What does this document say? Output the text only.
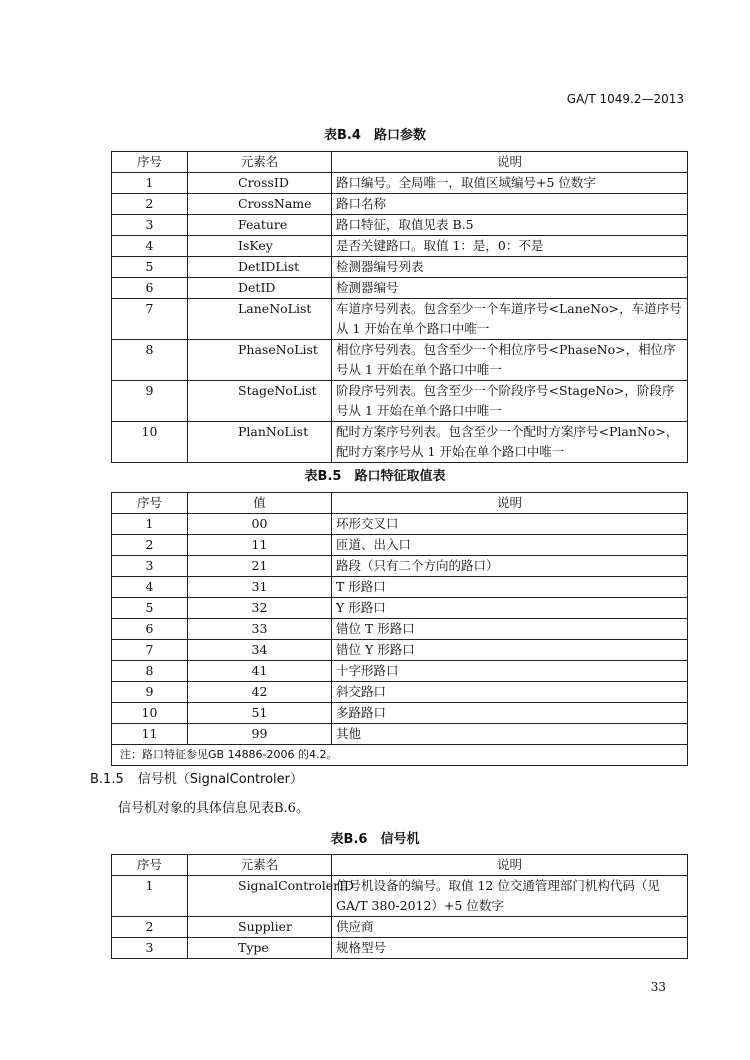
GA/T 1049.2—2013
表B.4　路口参数
序号	元素名	说明
1	CrossID	路口编号。全局唯一，取值区域编号+5 位数字
2	CrossName	路口名称
3	Feature	路口特征，取值见表 B.5
4	IsKey	是否关键路口。取值 1：是，0：不是
5	DetIDList	检测器编号列表
6	DetID	检测器编号
7	LaneNoList	车道序号列表。包含至少一个车道序号<LaneNo>，车道序号从 1 开始在单个路口中唯一
8	PhaseNoList	相位序号列表。包含至少一个相位序号<PhaseNo>，相位序号从 1 开始在单个路口中唯一
9	StageNoList	阶段序号列表。包含至少一个阶段序号<StageNo>，阶段序号从 1 开始在单个路口中唯一
10	PlanNoList	配时方案序号列表。包含至少一个配时方案序号<PlanNo>，配时方案序号从 1 开始在单个路口中唯一
表B.5　路口特征取值表
序号	值	说明
1	00	环形交叉口
2	11	匝道、出入口
3	21	路段（只有二个方向的路口）
4	31	T 形路口
5	32	Y 形路口
6	33	错位 T 形路口
7	34	错位 Y 形路口
8	41	十字形路口
9	42	斜交路口
10	51	多路路口
11	99	其他
注：路口特征参见GB 14886-2006 的4.2。		
B.1.5 信号机（SignalControler）
信号机对象的具体信息见表B.6。
表B.6　信号机
序号	元素名	说明
1	SignalControlerID	信号机设备的编号。取值 12 位交通管理部门机构代码（见 GA/T 380-2012）+5 位数字
2	Supplier	供应商
3	Type	规格型号
33
